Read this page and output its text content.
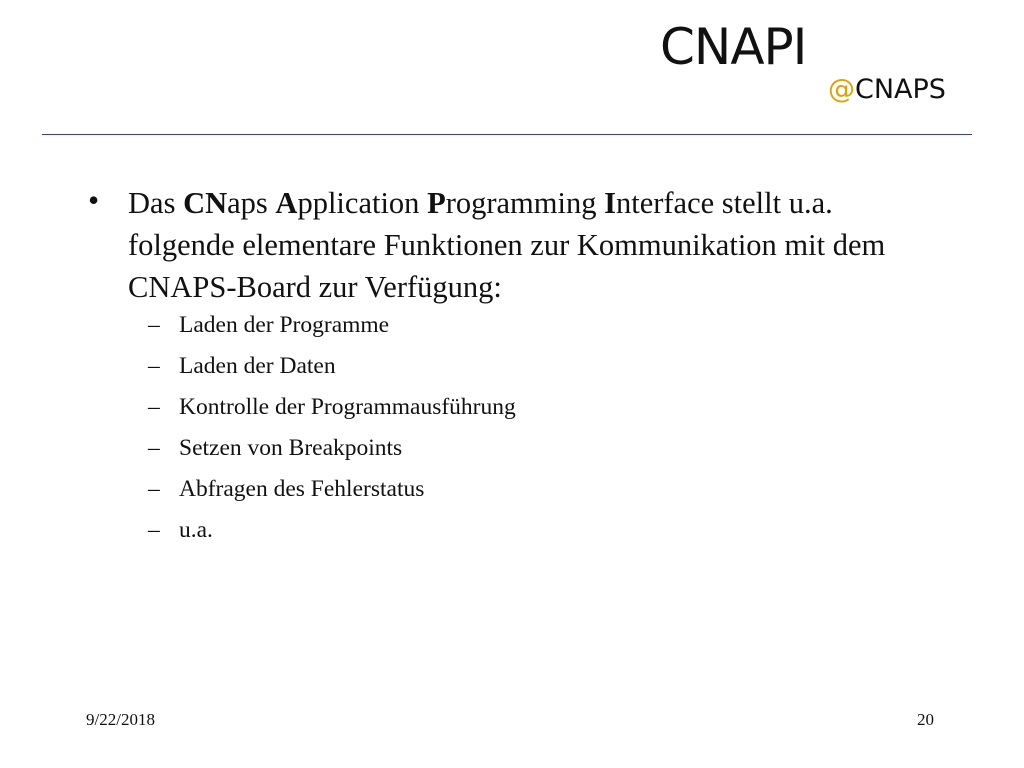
CNAPI
@CNAPS
• Das CNaps Application Programming Interface stellt u.a. folgende elementare Funktionen zur Kommunikation mit dem CNAPS-Board zur Verfügung:
– Laden der Programme
– Laden der Daten
– Kontrolle der Programmausführung
– Setzen von Breakpoints
– Abfragen des Fehlerstatus
– u.a.
9/22/2018	20
